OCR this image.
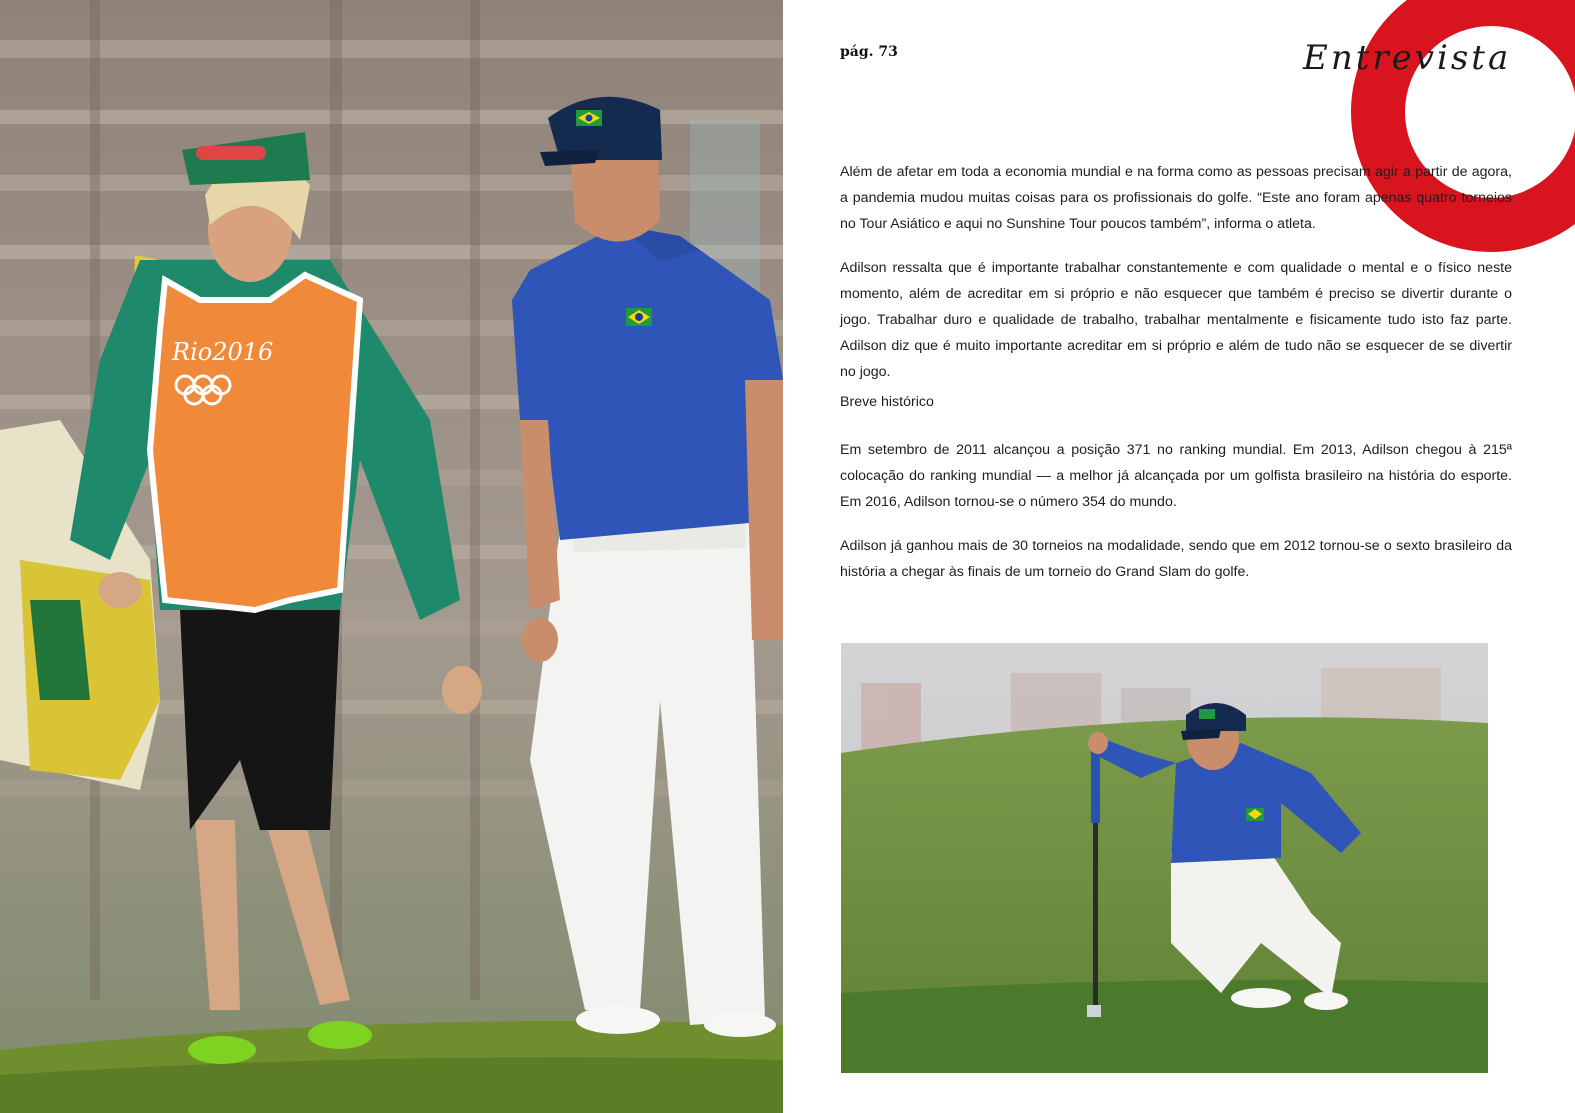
Rio2016
pág. 73	Entrevista

Além de afetar em toda a economia mundial e na forma como as pessoas precisam agir a partir de agora, a pandemia mudou muitas coisas para os profissionais do golfe. “Este ano foram apenas quatro torneios no Tour Asiático e aqui no Sunshine Tour poucos também”, informa o atleta.

Adilson ressalta que é importante trabalhar constantemente e com qualidade o mental e o físico neste momento, além de acreditar em si próprio e não esquecer que também é preciso se divertir durante o jogo. Trabalhar duro e qualidade de trabalho, trabalhar mentalmente e fisicamente tudo isto faz parte. Adilson diz que é muito importante acreditar em si próprio e além de tudo não se esquecer de se divertir no jogo.

Breve histórico

Em setembro de 2011 alcançou a posição 371 no ranking mundial. Em 2013, Adilson chegou à 215ª colocação do ranking mundial — a melhor já alcançada por um golfista brasileiro na história do esporte. Em 2016, Adilson tornou-se o número 354 do mundo.

Adilson já ganhou mais de 30 torneios na modalidade, sendo que em 2012 tornou-se o sexto brasileiro da história a chegar às finais de um torneio do Grand Slam do golfe.
